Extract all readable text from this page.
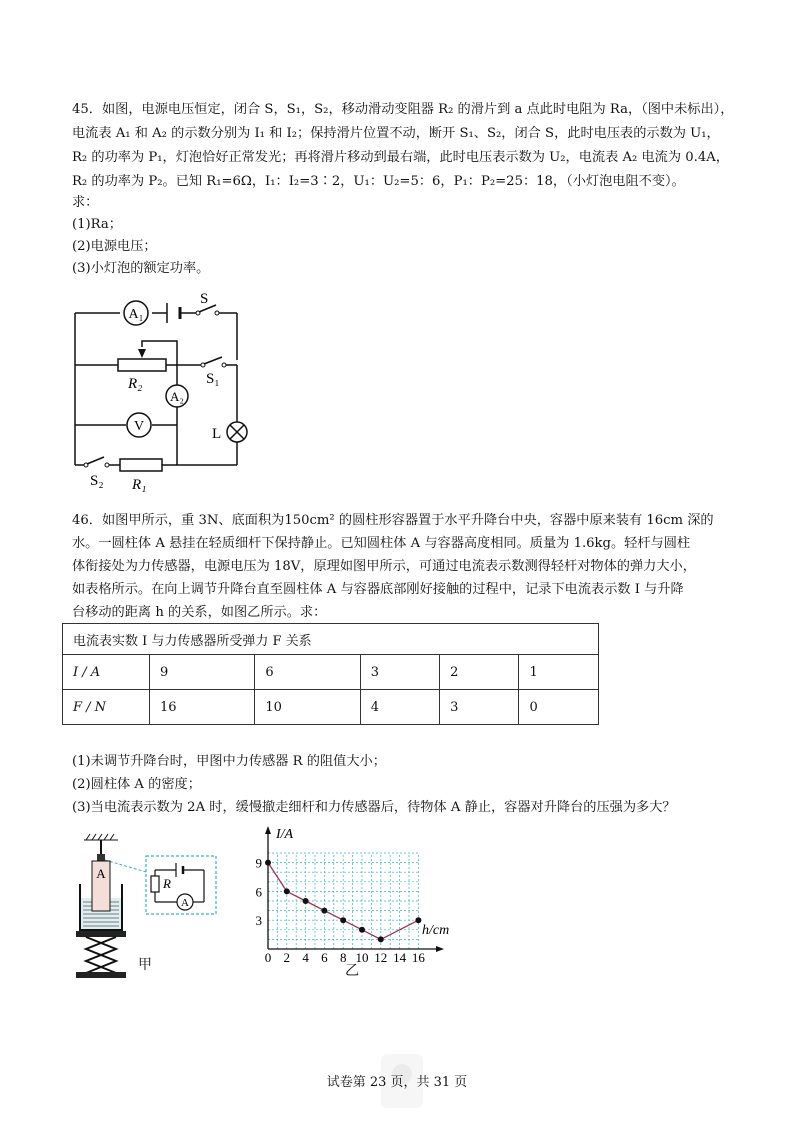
45．如图，电源电压恒定，闭合 S，S₁，S₂，移动滑动变阻器 R₂ 的滑片到 a 点此时电阻为 Ra，（图中未标出），
电流表 A₁ 和 A₂ 的示数分别为 I₁ 和 I₂；保持滑片位置不动，断开 S₁、S₂，闭合 S，此时电压表的示数为 U₁，
R₂ 的功率为 P₁，灯泡恰好正常发光；再将滑片移动到最右端，此时电压表示数为 U₂，电流表 A₂ 电流为 0.4A，
R₂ 的功率为 P₂。已知 R₁=6Ω，I₁：I₂=3∶2，U₁：U₂=5：6，P₁：P₂=25：18，（小灯泡电阻不变）。
求：
(1)Ra；
(2)电源电压；
(3)小灯泡的额定功率。
A₁
S
R₂	S₁
A₂
V	L
S₂ R₁
46．如图甲所示，重 3N、底面积为150cm² 的圆柱形容器置于水平升降台中央，容器中原来装有 16cm 深的
水。一圆柱体 A 悬挂在轻质细杆下保持静止。已知圆柱体 A 与容器高度相同。质量为 1.6kg。轻杆与圆柱
体衔接处为力传感器，电源电压为 18V，原理如图甲所示，可通过电流表示数测得轻杆对物体的弹力大小，
如表格所示。在向上调节升降台直至圆柱体 A 与容器底部刚好接触的过程中，记录下电流表示数 I 与升降
台移动的距离 h 的关系，如图乙所示。求：
电流表实数 I 与力传感器所受弹力 F 关系					
I / A	9	6	3	2	1
F / N	16	10	4	3	0
(1)未调节升降台时，甲图中力传感器 R 的阻值大小；
(2)圆柱体 A 的密度；
(3)当电流表示数为 2A 时，缓慢撤走细杆和力传感器后，待物体 A 静止，容器对升降台的压强为多大？
A
R
A
甲
I/A
h/cm
0 2 4 6 8 10 12 14 16
3
6
9
乙
试卷第 23 页，共 31 页
